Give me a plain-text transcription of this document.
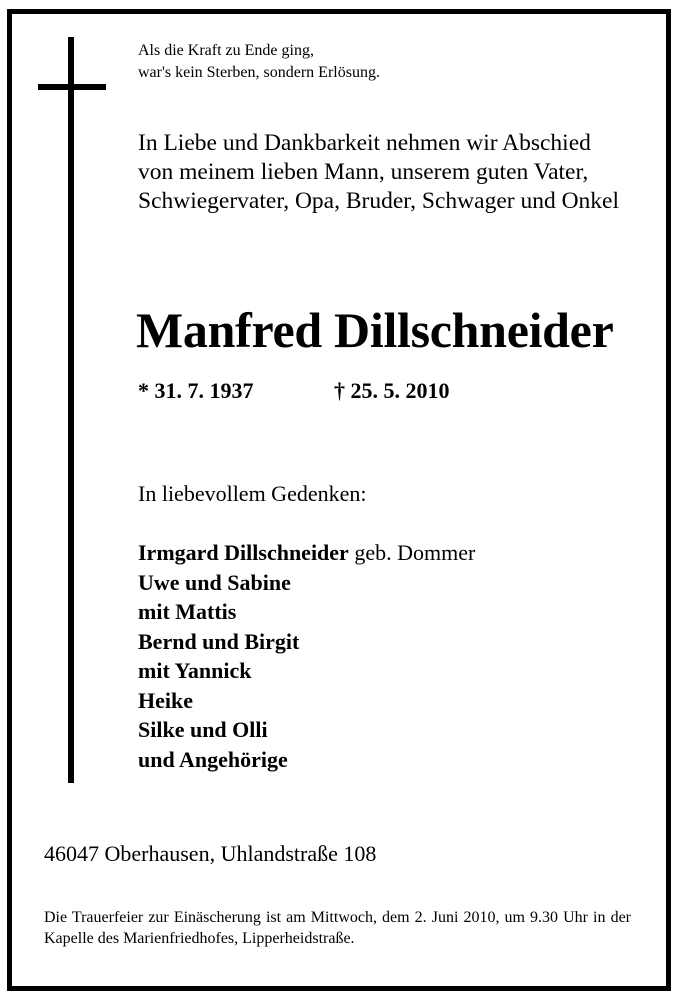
Als die Kraft zu Ende ging,
war's kein Sterben, sondern Erlösung.
In Liebe und Dankbarkeit nehmen wir Abschied
von meinem lieben Mann, unserem guten Vater,
Schwiegervater, Opa, Bruder, Schwager und Onkel
Manfred Dillschneider
* 31. 7. 1937	† 25. 5. 2010
In liebevollem Gedenken:
Irmgard Dillschneider geb. Dommer
Uwe und Sabine
mit Mattis
Bernd und Birgit
mit Yannick
Heike
Silke und Olli
und Angehörige
46047 Oberhausen, Uhlandstraße 108
Die Trauerfeier zur Einäscherung ist am Mittwoch, dem 2. Juni 2010, um 9.30 Uhr in der Kapelle des Marienfriedhofes, Lipperheidstraße.
